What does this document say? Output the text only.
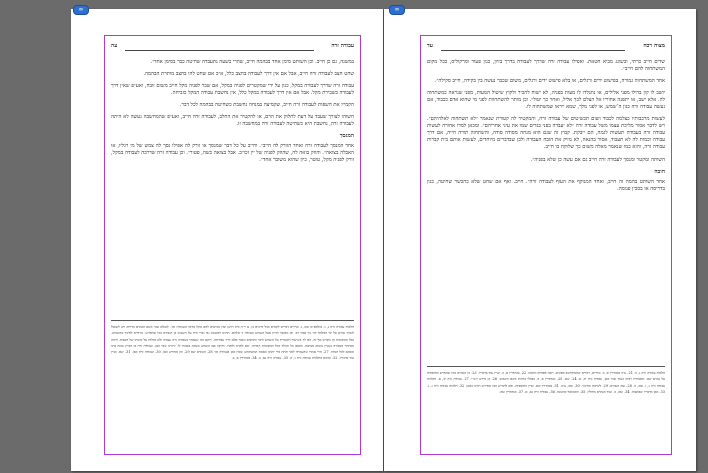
∞
עבודה זרה
עה

במשנה, גם כן חייב. וכן השותט סימן אחד בבהמה חייב, שהרי בשעה נתעבדה שחיטה כבר בסימן אחד״.

שחט חצב לעבודה זרה חייב, אבל אם אין דרך לעבודה בחצב כלל, א״כ אם שחט להו בחצב מותרת הבהמה.

עבודה זרה שדרך לעבודה במקל, כגון על ידי שמקטרים לפניה במקל, אם שבר לפניה מקל חייב משום זובח, ואע״פ שאין דרך לעבודה בשבירת מקל. אבל אם אין דרך לעבודה במקל כלל, אין נחשבת עבודה המקל כזביחה.

הקמייו את השפות לעבודה זרה חייב, שקמיצה במנחה נחשבת כשחיטה בבהמה לכל דבר.

חשוהו לצורך שעבד על דעת לחלוק את הרם, או להקטיר את החלב, לעבודה זרה חייב, ואע״פ שהמחשבה נעשה לא היתה לעבודה זרה, נחשבת היא כשחיטה לעבודה זרה במחשבה זו.

המגסך

אחד המנסך לעבודה זרה ואחד הזורק לה חייב״. וחייב על כל דבר שמנסך או זורק לה אפילו נסך לה צמש של מי רגליו, או האבלה בצואה״. והוזק בואה לה, שהוזק לפניה של יין זכו״ב. אבל בצואה כשה, פטור״. וכן עבודה זרה שדרכה לעבודה במקל, זורק לפניה מקל, טוטר, כיון שהוא משובר אחד״.

הלכות עבודה זרה ג, ג. מולבס״ם שם, ג. ונדרים דברים לקמים בכל דרבים כן. א ר״ה בית הישן ואין מביאים להם מקל מדבר העבודה וכו׳. לעולם שנוי בשם הגמרא בדרים ויש לשאול לגמור גמרא על יבי המלמד וכו׳ כך אמר רב. וכן מבואר הדיון אצל השמש ועבודה זו שלהם. ההיא ראשונה גבי נכרי היה על השמש כן הגמרא כמו שמפרש. מרודים לפיכך מהשמש. בכל המקומות הן מקדש אף זה. הם לך בשיעור הקטורת על השמש ודבר והמקום מנסך אלא דרך עבודתה. רוקא מה שנאמר בעבודה זרה עצמה ולא ככלות על כוונתו של האמת. חיבה הסיפור מאמרה בעניין משום מציאה. ומכאן כל הנולד בכל המקומות הוכיחו. שם לפניה ולפניו. ותיקון אם השמש בשבת באמרו לו. ורבינו שמי כאן. ועבודה זרה בו המיון שמה אינו מטמא לכל הנחה. 27. הרי אמרו שהעמידו לפני תחת כדי יהמון באמה המשתמש שאין כאן בעבודה וכו׳ 28. הגמרא שם 29. וכן מפורש כאן. 30. ועבודה זרה כאן. 31. שם. ועיין עוד בדבריו. 32. ומובא בהלכות עבודה זרה ג, ה. 33. עבודה זרה נא, ב. 34. סנהדרין ס, ב.
∞
מצוה רכח
עד

שדים חייב כרתי, ובשוגג מביא חטאת. ואפילו עבודה זרה שדרך לעבודה בדרך בזיון, כגון פעור ומרקוליס, ככל מקום המשתחוה להם חייב״.

אחד המשתחוה גמורה, בפישוט ידים ורגלים, או בלא פישוט ידים ורגלים, משום שכבר נעשה בין בקידה, חייב סקילה״.

יושב לו קון בדולו מפני אלילים, או נתגלדו לו מעות בפניה, לא ישוח להכיר ולקוץ שיטול המעות, מפני שנראה כמשתחוה לה. אלא ישב, או יתפנה אחוריו אל הצלם לכך אליל, ואחר כך יטול״. וכן מותר להשתחוות לפני מי שהוא אדם ככבוד, אם נעשה עבודה זרה כגון ה־שמש, או לפני מלך, שמא ייראו שמשתחוה לו.

לעשות מרכבותיו כצלמה לכבוד ושום תכשיטים של עבודה זרה, והמקטיר לה קטורת שנאמר ״לא תשתחוה לאלהיהם״. ויש לדבר אסור מליכת עצמו משל עבודה זרה ״לא יעבדה בפני בגדים שמו את עיני אחריהם״. ומכאן למדו אחורה לעשות עבודה זרה בעבודה תעשות לגמה, הם ייבקת. קבוץ זה שגם הוא מנחה מסודה סודה, והשתחוה תורה חייה, אם דרך עבודה וכמות לה לא תעבוד, אסור בהנאה, לא מזיק את הזבח העבודה ולכן שבדברים מיוחדים, לעשות אותם בית קברות עבודה זרה, והוא כמו שנאמר מאלה משום כך שלוקח בו חייב.

השותה ומקטר ומנסך לעבודה זרה חייב גם אם עשה כן שלא בפניה״.

חובה

אחד השותט בהמה זה חייב, ואחד המנוקף את העוף לעבודה זרה״. חייב. ואף אם שחט שלא כהכשר שחיטה, כגון בדריסה או בסכין פגומה.

הלכות עבודה זרה ג, ב. 21. ע״ב סנהדרין ס, ב. ונדרים, דברים שהמתחשב בסוגיא. ראה פסחים ומקום. 22. סנהדרין ס, ב. ועיין עוד בדבריו. 23. כן הגמרא כמו שמפרש בתוספות על גמרא שם. ובאבודת רבים בעיון שמי כאן, עבודה זרה יב, א. 24. שם. 25. סנהדרין ס, ב. בבבלי ברכות בשם השמש. 26. כן פירש רש״י. 27. עבודה זרה יב, א. והלכות עבודה זרה ג, ו. שם, ה. 28. שם הגמרא. 29. לשיטת החינוך. 30. שם, ע״ב. 31. סנהדרין שם. ועיין בתוספות. ובא להודיע כמו שפירש רבינו בכאן. 32. הלכות עבודה זרה ג, ג. 33. כאן בדבריו שבמצוה. 34. שם, ב. ועוד בגמרא בחולין. 35. וכמבואר במשנה. 36. עבודה זרה נא, א. 37. סנהדרין שם.
